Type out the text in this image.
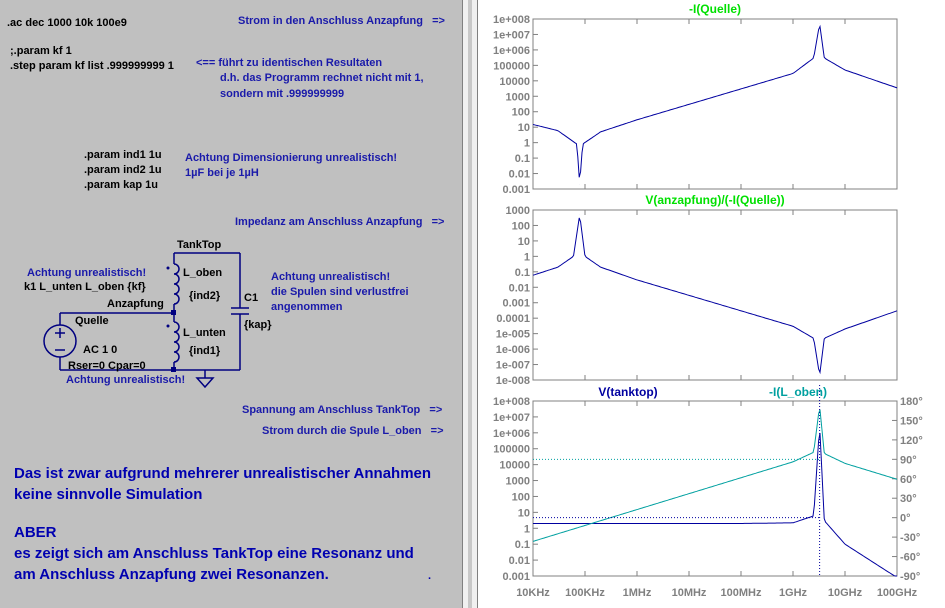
.ac dec 1000 10k 100e9	Strom in den Anschluss Anzapfung   =>
;.param kf 1
.step param kf list .999999999 1 <== führt zu identischen Resultaten
d.h. das Programm rechnet nicht mit 1,
sondern mit .999999999
.param ind1 1u
.param ind2 1u
.param kap 1u
Achtung Dimensionierung unrealistisch!
1µF bei je 1µH
Impedanz am Anschluss Anzapfung   =>
TankTop
L_oben
{ind2}
Achtung unrealistisch!
k1 L_unten L_oben {kf}
Anzapfung
Quelle
L_unten
{ind1}
AC 1 0
Rser=0 Cpar=0
C1
{kap}
Achtung unrealistisch!
die Spulen sind verlustfrei
angenommen
Achtung unrealistisch!
Spannung am Anschluss TankTop   =>
Strom durch die Spule L_oben   =>
Das ist zwar aufgrund mehrerer unrealistischer Annahmen
keine sinnvolle Simulation
ABER
es zeigt sich am Anschluss TankTop eine Resonanz und
am Anschluss Anzapfung zwei Resonanzen.	.
1e+008
1e+007
1e+006
100000
10000
1000
100
10
1
0.1
0.01
0.001
-I(Quelle)
1000
100
10
1
0.1
0.01
0.001
0.0001
1e-005
1e-006
1e-007
1e-008
V(anzapfung)/(-I(Quelle))
1e+008
1e+007
1e+006
100000
10000
1000
100
10
1
0.1
0.01
0.001
V(tanktop)	-I(L_oben)
10KHz 100KHz 1MHz 10MHz 100MHz 1GHz 10GHz 100GHz
180°
150°
120°
90°
60°
30°
0°
-30°
-60°
-90°
